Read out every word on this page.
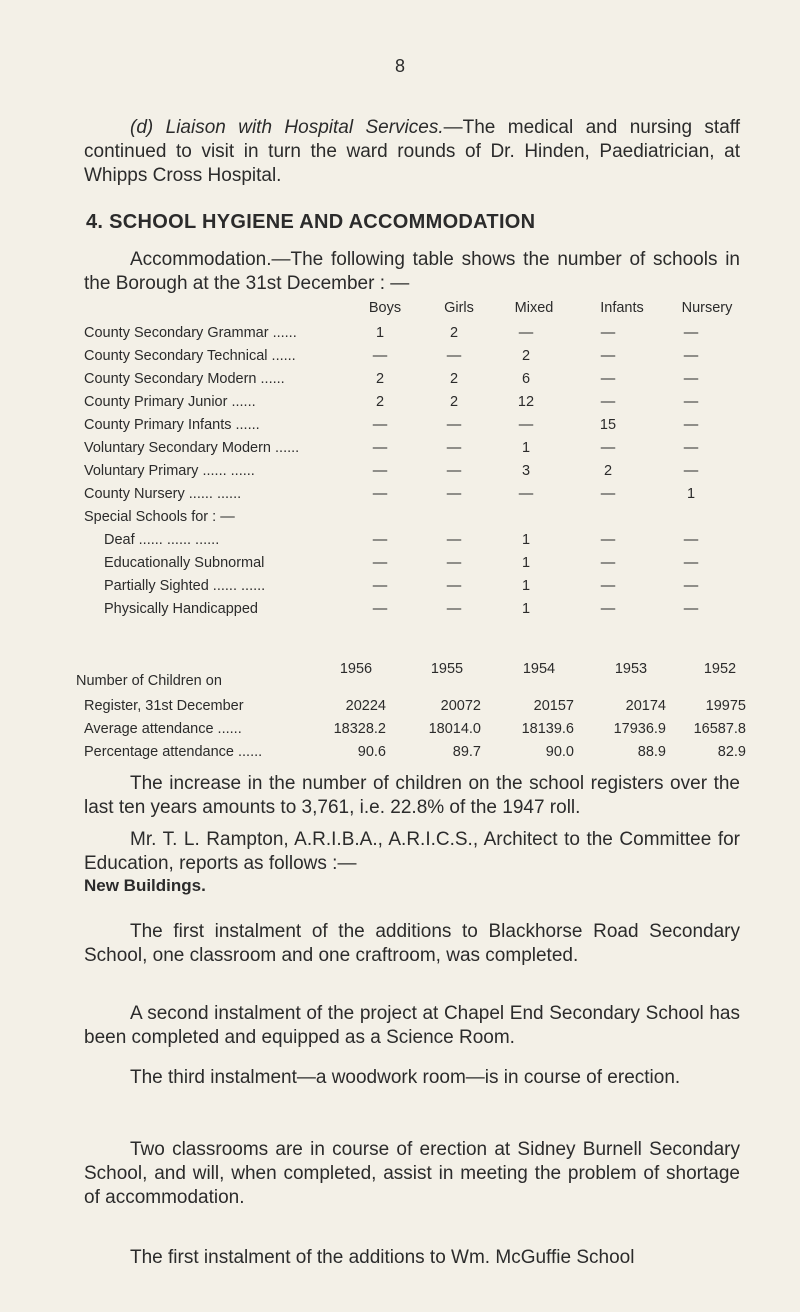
8

(d) Liaison with Hospital Services.—The medical and nursing staff continued to visit in turn the ward rounds of Dr. Hinden, Paediatrician, at Whipps Cross Hospital.

4. SCHOOL HYGIENE AND ACCOMMODATION

Accommodation.—The following table shows the number of schools in the Borough at the 31st December : —

Boys	Girls	Mixed	Infants	Nursery
County Secondary Grammar ......	1	2	—	—	—
County Secondary Technical ......	—	—	2	—	—
County Secondary Modern ......	2	2	6	—	—
County Primary Junior ......	2	2	12	—	—
County Primary Infants ......	—	—	—	15	—
Voluntary Secondary Modern ......	—	—	1	—	—
Voluntary Primary ...... ......	—	—	3	2	—
County Nursery ...... ......	—	—	—	—	1
Special Schools for : —
Deaf ...... ...... ......	—	—	1	—	—
Educationally Subnormal	—	—	1	—	—
Partially Sighted ...... ......	—	—	1	—	—
Physically Handicapped	—	—	1	—	—
1956	1955	1954	1953	1952
Number of Children on
Register, 31st December	20224	20072	20157	20174	19975
Average attendance ......	18328.2	18014.0	18139.6	17936.9	16587.8
Percentage attendance ......	90.6	89.7	90.0	88.9	82.9

The increase in the number of children on the school registers over the last ten years amounts to 3,761, i.e. 22.8% of the 1947 roll.

Mr. T. L. Rampton, A.R.I.B.A., A.R.I.C.S., Architect to the Committee for Education, reports as follows :—

New Buildings.

The first instalment of the additions to Blackhorse Road Secondary School, one classroom and one craftroom, was completed.

A second instalment of the project at Chapel End Secondary School has been completed and equipped as a Science Room.

The third instalment—a woodwork room—is in course of erection.

Two classrooms are in course of erection at Sidney Burnell Secondary School, and will, when completed, assist in meeting the problem of shortage of accommodation.

The first instalment of the additions to Wm. McGuffie School
